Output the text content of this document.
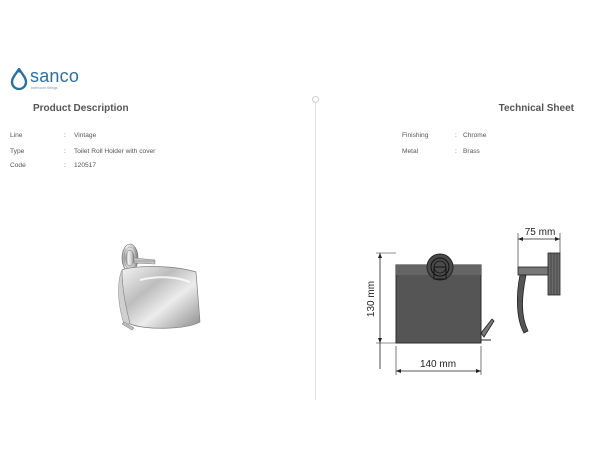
sanco
bathroom fittings
Product Description	Technical Sheet
Line	: Vintage
Type	: Toilet Roll Holder with cover
Code	: 120517
Finishing	: Chrome
Metal	: Brass
130 mm
140 mm
75 mm
